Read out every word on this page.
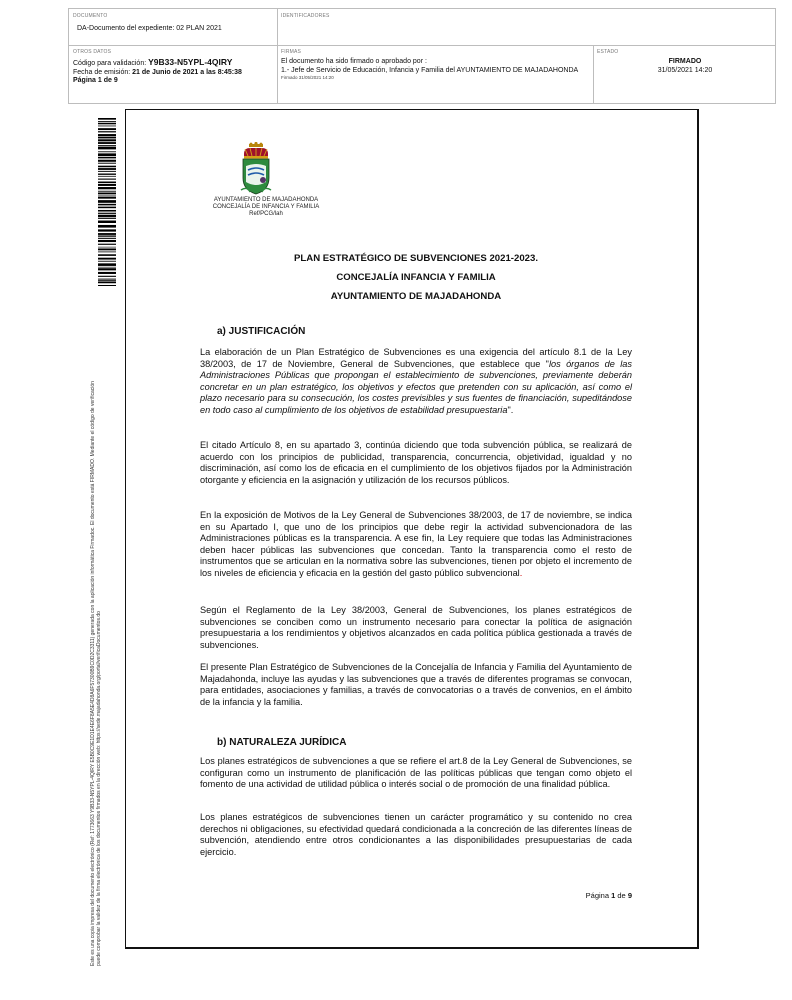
DOCUMENTO
DA-Documento del expediente: 02 PLAN 2021
IDENTIFICADORES
OTROS DATOS
Código para validación: Y9B33-N5YPL-4QIRY
Fecha de emisión: 21 de Junio de 2021 a las 8:45:38
Página 1 de 9
FIRMAS
El documento ha sido firmado o aprobado por :
1.- Jefe de Servicio de Educación, Infancia y Familia del AYUNTAMIENTO DE MAJADAHONDA
Firmado 31/05/2021 14:20
ESTADO
FIRMADO
31/05/2021 14:20
Este es una copia impresa del documento electrónico (Ref: 1773663 Y9B33-N5YPL-4QIRY E5B0C9E1D1E4E6F8A5E4D8A6F57300B9C0D2C3311) generada con la aplicación informática Firmadoc. El documento está FIRMADO. Mediante el código de verificación puede comprobar la validez de la firma electrónica de los documentos firmados en la dirección web: https://sede.majadahonda.org/portal/verificaDocumentos.do
AYUNTAMIENTO DE MAJADAHONDA
CONCEJALÍA DE INFANCIA Y FAMILIA
Ref/PCG/lah
PLAN ESTRATÉGICO DE SUBVENCIONES 2021-2023.
CONCEJALÍA INFANCIA Y FAMILIA
AYUNTAMIENTO DE MAJADAHONDA
a) JUSTIFICACIÓN

La elaboración de un Plan Estratégico de Subvenciones es una exigencia del artículo 8.1 de la Ley 38/2003, de 17 de Noviembre, General de Subvenciones, que establece que "los órganos de las Administraciones Públicas que propongan el establecimiento de subvenciones, previamente deberán concretar en un plan estratégico, los objetivos y efectos que pretenden con su aplicación, así como el plazo necesario para su consecución, los costes previsibles y sus fuentes de financiación, supeditándose en todo caso al cumplimiento de los objetivos de estabilidad presupuestaria".

El citado Artículo 8, en su apartado 3, continúa diciendo que toda subvención pública, se realizará de acuerdo con los principios de publicidad, transparencia, concurrencia, objetividad, igualdad y no discriminación, así como los de eficacia en el cumplimiento de los objetivos fijados por la Administración otorgante y eficiencia en la asignación y utilización de los recursos públicos.

En la exposición de Motivos de la Ley General de Subvenciones 38/2003, de 17 de noviembre, se indica en su Apartado I, que uno de los principios que debe regir la actividad subvencionadora de las Administraciones públicas es la transparencia. A ese fin, la Ley requiere que todas las Administraciones deben hacer públicas las subvenciones que concedan. Tanto la transparencia como el resto de instrumentos que se articulan en la normativa sobre las subvenciones, tienen por objeto el incremento de los niveles de eficiencia y eficacia en la gestión del gasto público subvencional.

Según el Reglamento de la Ley 38/2003, General de Subvenciones, los planes estratégicos de subvenciones se conciben como un instrumento necesario para conectar la política de asignación presupuestaria a los rendimientos y objetivos alcanzados en cada política pública gestionada a través de subvenciones.

El presente Plan Estratégico de Subvenciones de la Concejalía de Infancia y Familia del Ayuntamiento de Majadahonda, incluye las ayudas y las subvenciones que a través de diferentes programas se convocan, para entidades, asociaciones y familias, a través de convocatorias o a través de convenios, en el ámbito de la infancia y la familia.

b) NATURALEZA JURÍDICA

Los planes estratégicos de subvenciones a que se refiere el art.8 de la Ley General de Subvenciones, se configuran como un instrumento de planificación de las políticas públicas que tengan como objeto el fomento de una actividad de utilidad pública o interés social o de promoción de una finalidad pública.

Los planes estratégicos de subvenciones tienen un carácter programático y su contenido no crea derechos ni obligaciones, su efectividad quedará condicionada a la concreción de las diferentes líneas de subvención, atendiendo entre otros condicionantes a las disponibilidades presupuestarias de cada ejercicio.

Página 1 de 9
